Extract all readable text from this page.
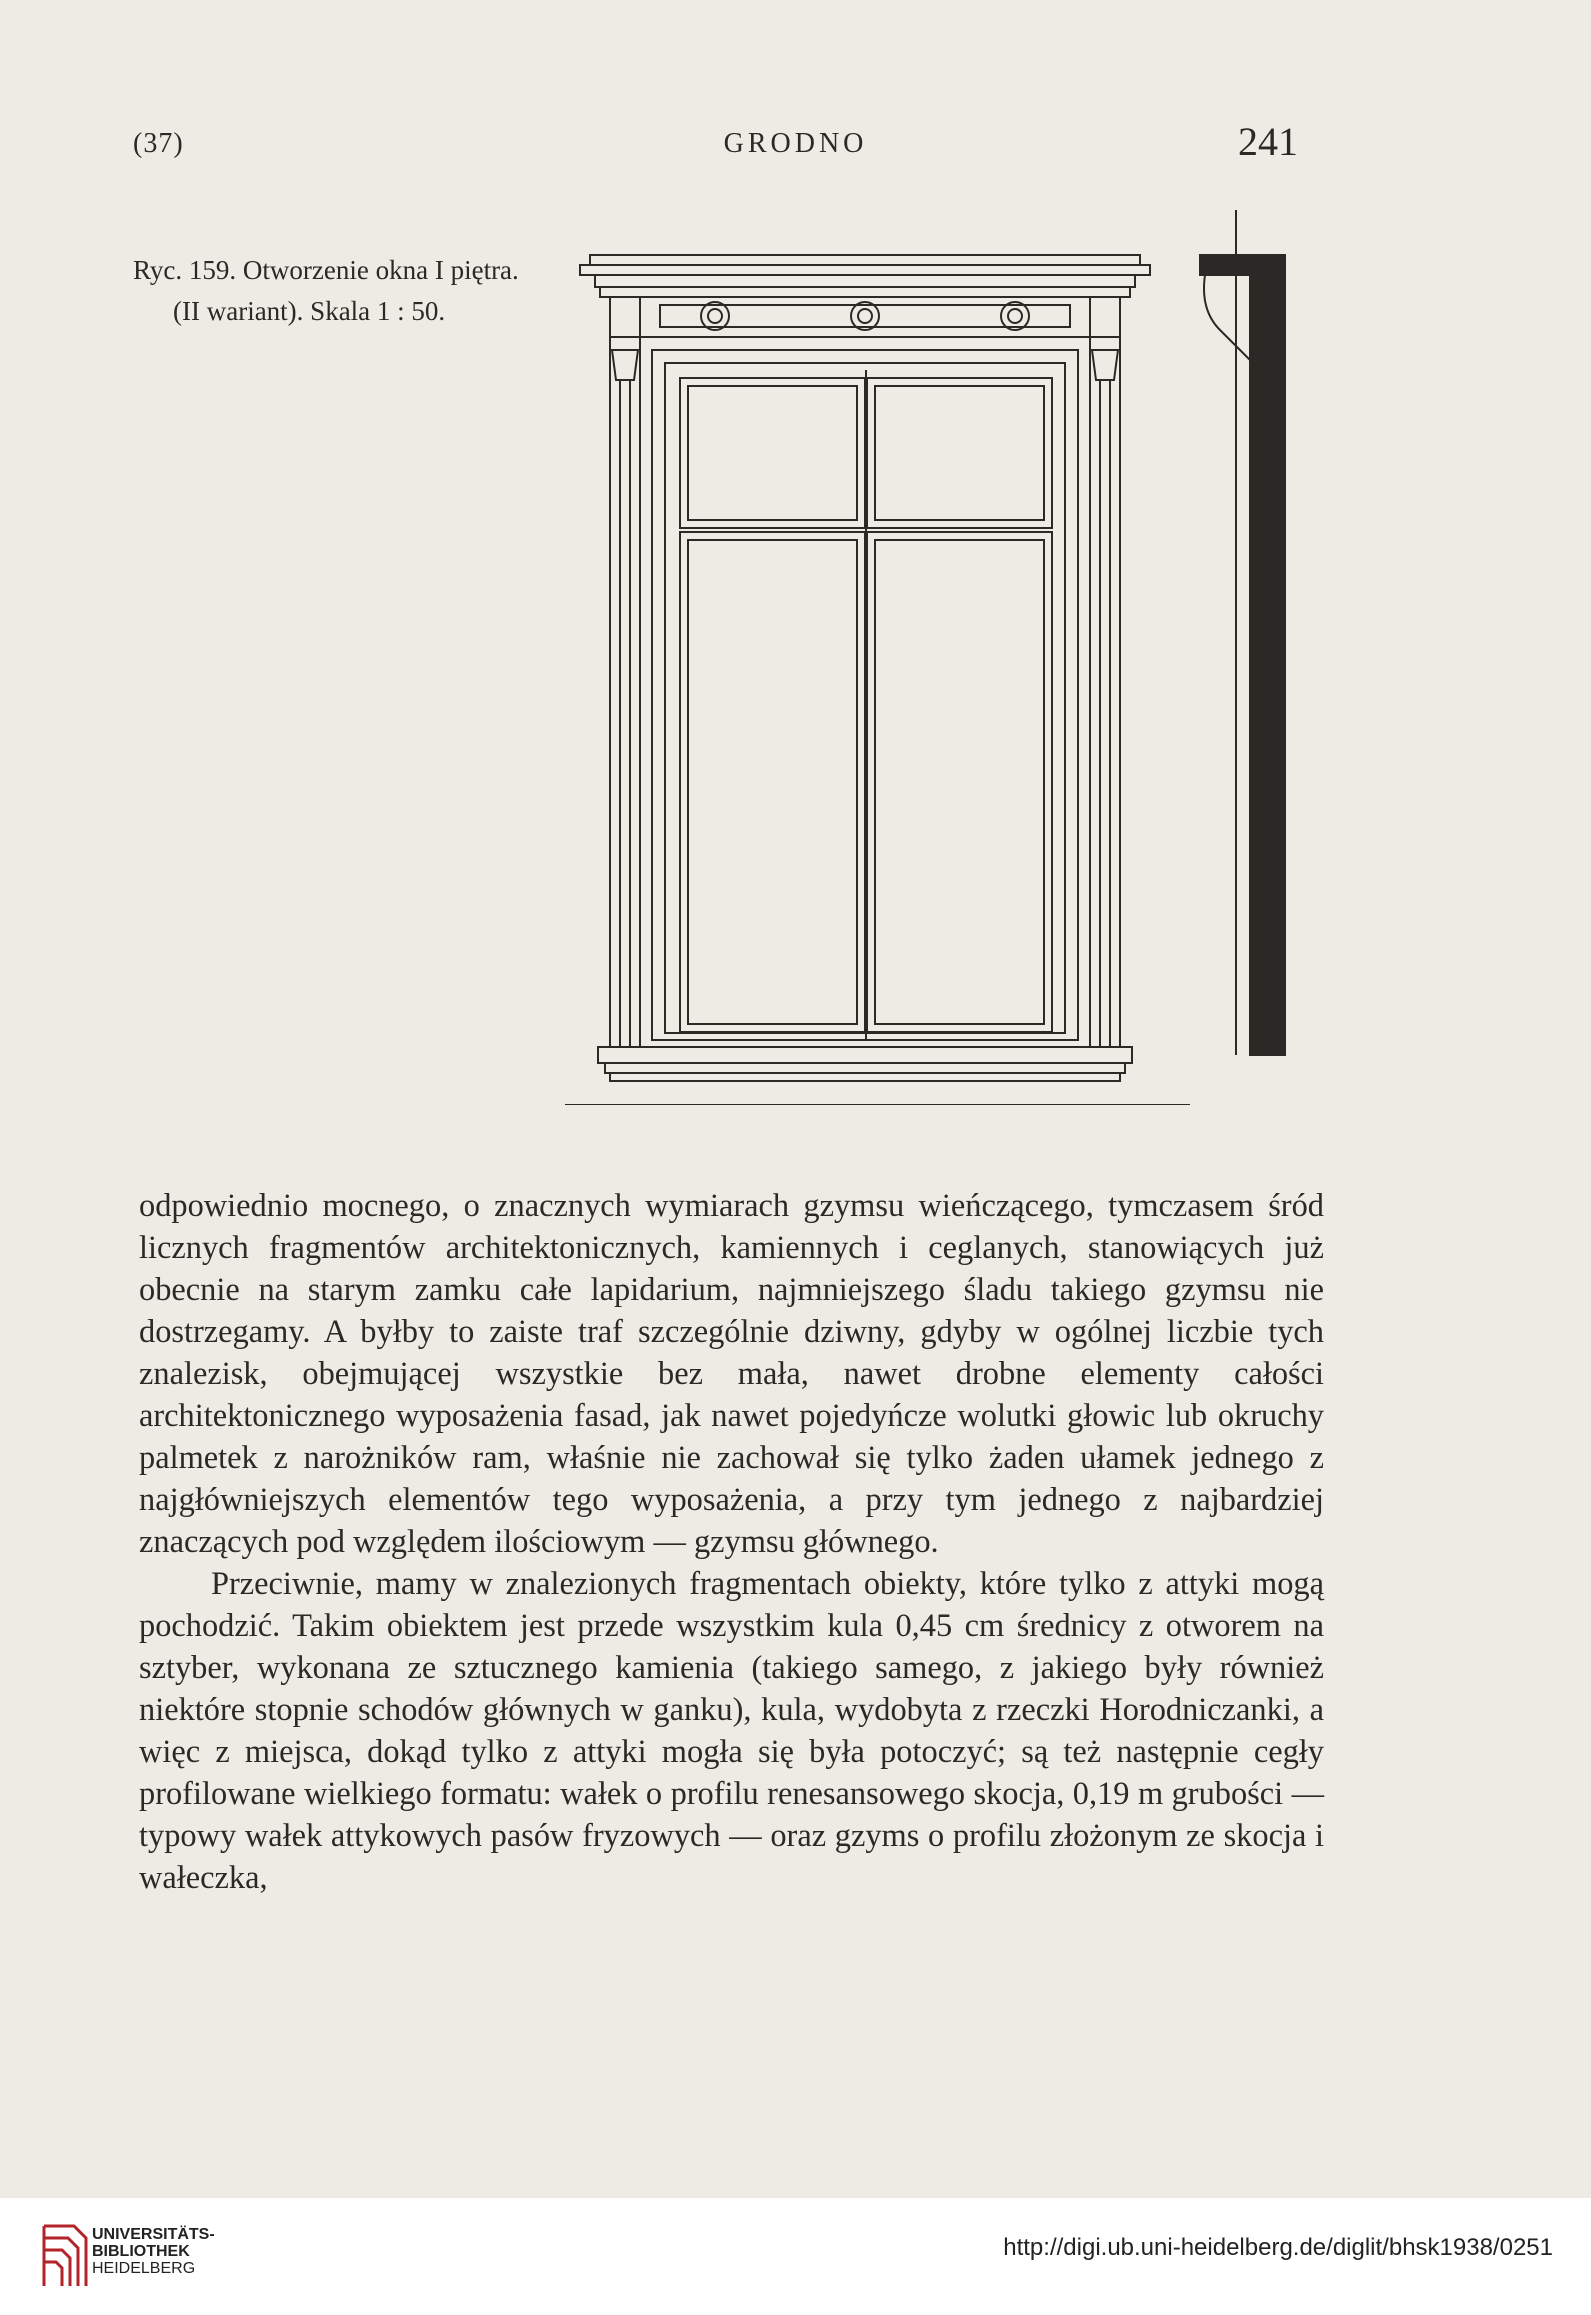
(37)	GRODNO	241
Ryc. 159. Otworzenie okna I piętra.
(II wariant). Skala 1 : 50.

odpowiednio mocnego, o znacznych wymiarach gzymsu wieńczącego, tymczasem śród licznych fragmentów architektonicznych, kamiennych i ceglanych, stanowiących już obecnie na starym zamku całe lapidarium, najmniejszego śladu takiego gzymsu nie dostrzegamy. A byłby to zaiste traf szczególnie dziwny, gdyby w ogólnej liczbie tych znalezisk, obejmującej wszystkie bez mała, nawet drobne elementy całości architektonicznego wyposażenia fasad, jak nawet pojedyńcze wolutki głowic lub okruchy palmetek z narożników ram, właśnie nie zachował się tylko żaden ułamek jednego z najgłówniejszych elementów tego wyposażenia, a przy tym jednego z najbardziej znaczących pod względem ilościowym — gzymsu głównego.

Przeciwnie, mamy w znalezionych fragmentach obiekty, które tylko z attyki mogą pochodzić. Takim obiektem jest przede wszystkim kula 0,45 cm średnicy z otworem na sztyber, wykonana ze sztucznego kamienia (takiego samego, z jakiego były również niektóre stopnie schodów głównych w ganku), kula, wydobyta z rzeczki Horodniczanki, a więc z miejsca, dokąd tylko z attyki mogła się była potoczyć; są też następnie cegły profilowane wielkiego formatu: wałek o profilu renesansowego skocja, 0,19 m grubości — typowy wałek attykowych pasów fryzowych — oraz gzyms o profilu złożonym ze skocja i wałeczka,

UNIVERSITÄTS-
BIBLIOTHEK
HEIDELBERG
http://digi.ub.uni-heidelberg.de/diglit/bhsk1938/0251
